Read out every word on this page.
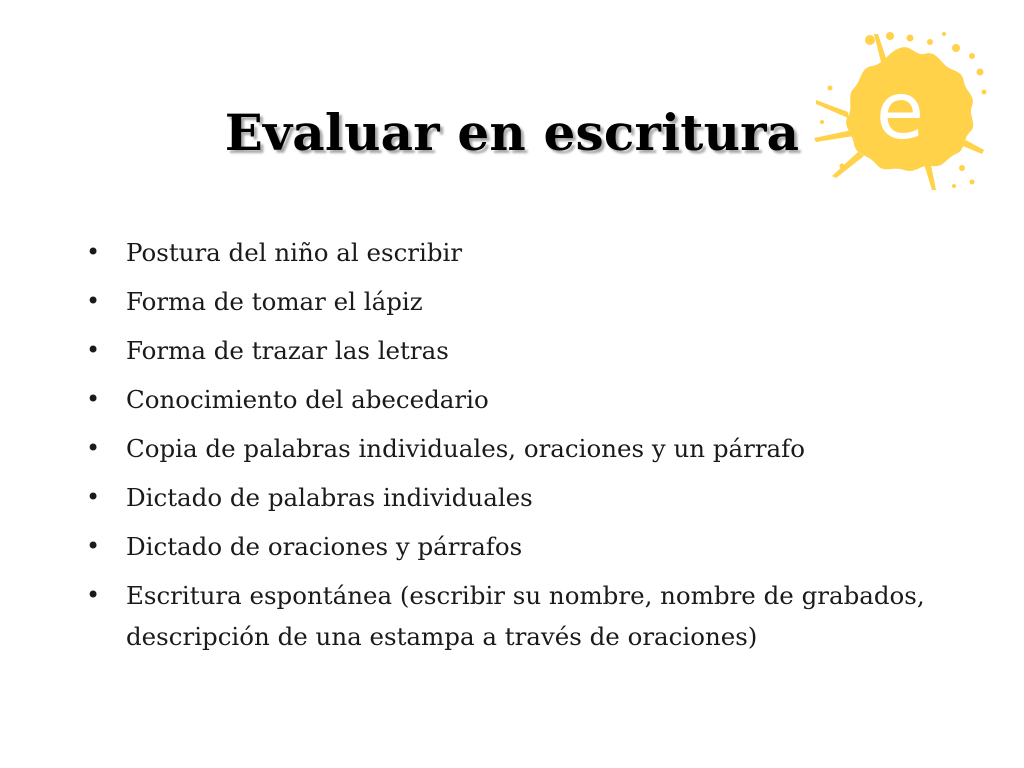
e
Evaluar en escritura
• Postura del niño al escribir
• Forma de tomar el lápiz
• Forma de trazar las letras
• Conocimiento del abecedario
• Copia de palabras individuales, oraciones y un párrafo
• Dictado de palabras individuales
• Dictado de oraciones y párrafos
• Escritura espontánea (escribir su nombre, nombre de grabados, descripción de una estampa a través de oraciones)
